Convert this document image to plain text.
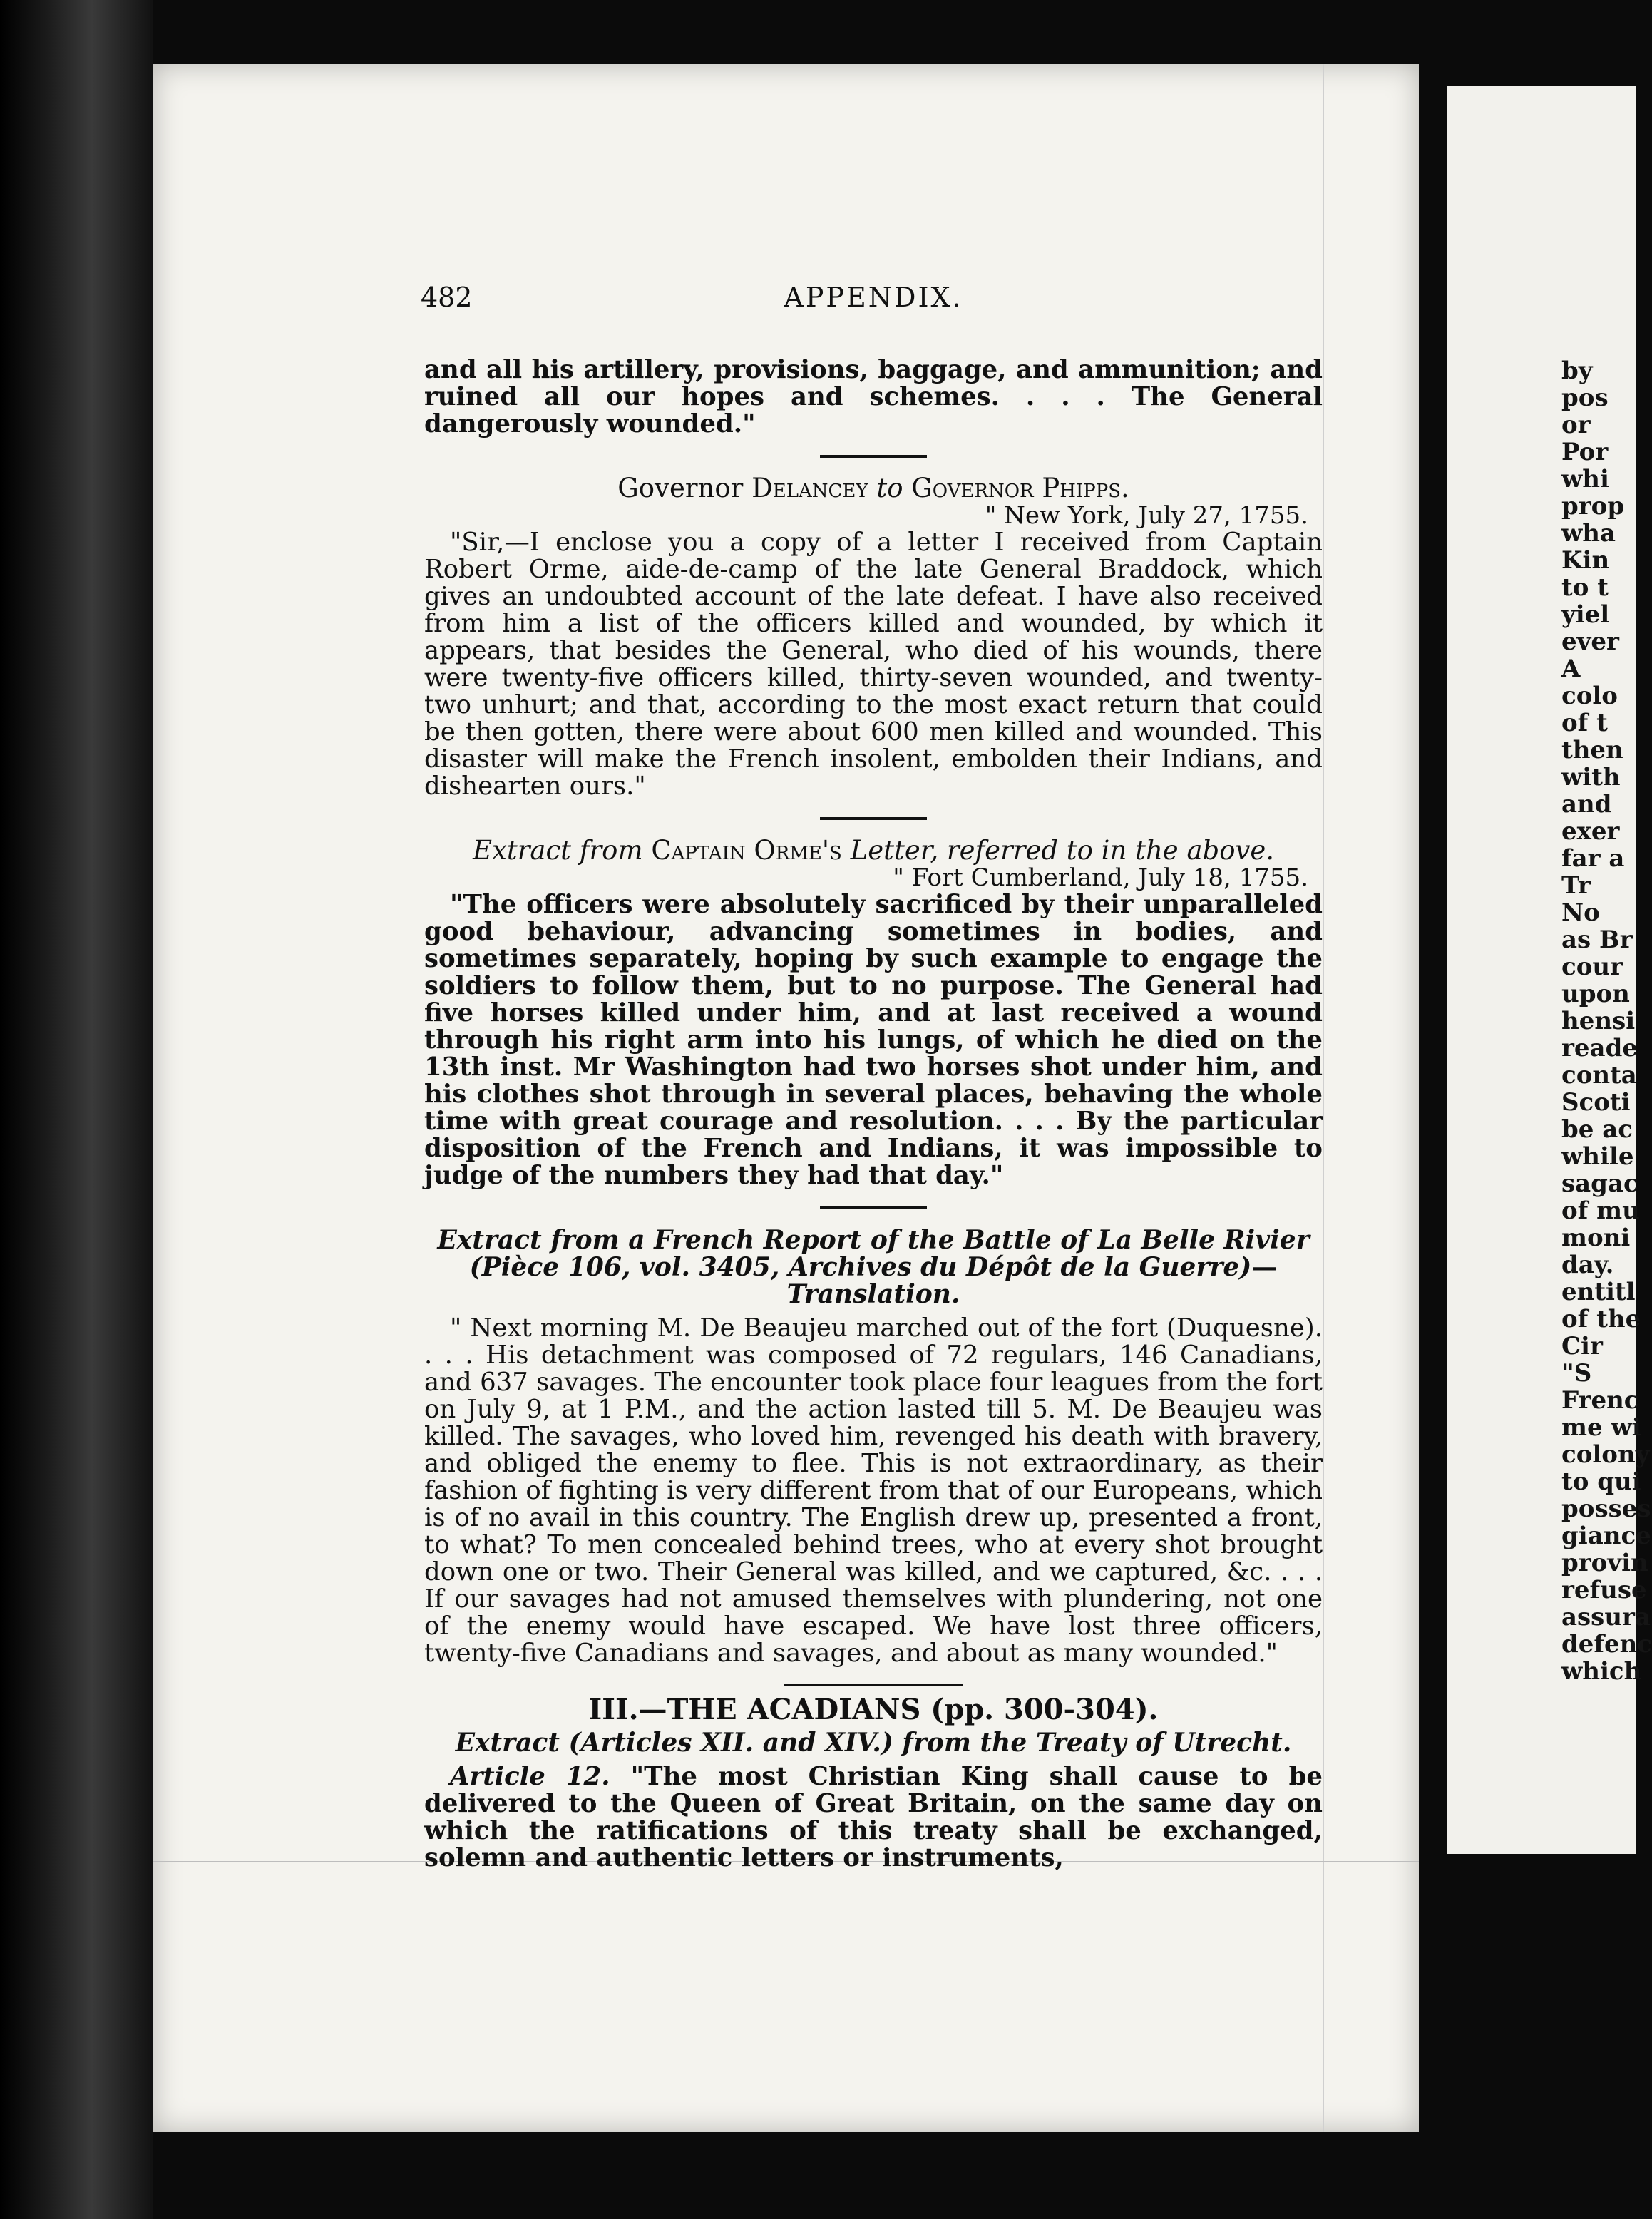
by
pos
or
Por
whi
prop
wha
Kin
to t
yiel
ever
A
colo
of t
then
with
and
exer
far a
Tr
No
as Br
cour
upon
hensi
reade
conta
Scoti
be ac
while
sagac
of mu
moni
day.
entitl
of the
Cir
"S
Frenc
me wi
colony
to qui
posses
giance
provin
refuse
assura
defenc
which
482	APPENDIX.

and all his artillery, provisions, baggage, and ammunition; and ruined all our hopes and schemes. . . . The General dangerously wounded."

Governor Delancey to Governor Phipps.
" New York, July 27, 1755.

"Sir,—I enclose you a copy of a letter I received from Captain Robert Orme, aide-de-camp of the late General Braddock, which gives an undoubted account of the late defeat. I have also received from him a list of the officers killed and wounded, by which it appears, that besides the General, who died of his wounds, there were twenty-five officers killed, thirty-seven wounded, and twenty-two unhurt; and that, according to the most exact return that could be then gotten, there were about 600 men killed and wounded. This disaster will make the French insolent, embolden their Indians, and dishearten ours."

Extract from Captain Orme's Letter, referred to in the above.
" Fort Cumberland, July 18, 1755.

"The officers were absolutely sacrificed by their unparalleled good behaviour, advancing sometimes in bodies, and sometimes separately, hoping by such example to engage the soldiers to follow them, but to no purpose. The General had five horses killed under him, and at last received a wound through his right arm into his lungs, of which he died on the 13th inst. Mr Washington had two horses shot under him, and his clothes shot through in several places, behaving the whole time with great courage and resolution. . . . By the particular disposition of the French and Indians, it was impossible to judge of the numbers they had that day."

Extract from a French Report of the Battle of La Belle Rivier (Pièce 106, vol. 3405, Archives du Dépôt de la Guerre)—Translation.

" Next morning M. De Beaujeu marched out of the fort (Duquesne). . . . His detachment was composed of 72 regulars, 146 Canadians, and 637 savages. The encounter took place four leagues from the fort on July 9, at 1 P.M., and the action lasted till 5. M. De Beaujeu was killed. The savages, who loved him, revenged his death with bravery, and obliged the enemy to flee. This is not extraordinary, as their fashion of fighting is very different from that of our Europeans, which is of no avail in this country. The English drew up, presented a front, to what? To men concealed behind trees, who at every shot brought down one or two. Their General was killed, and we captured, &c. . . . If our savages had not amused themselves with plundering, not one of the enemy would have escaped. We have lost three officers, twenty-five Canadians and savages, and about as many wounded."

III.—THE ACADIANS (pp. 300-304).
Extract (Articles XII. and XIV.) from the Treaty of Utrecht.

Article 12. "The most Christian King shall cause to be delivered to the Queen of Great Britain, on the same day on which the ratifications of this treaty shall be exchanged, solemn and authentic letters or instruments,
